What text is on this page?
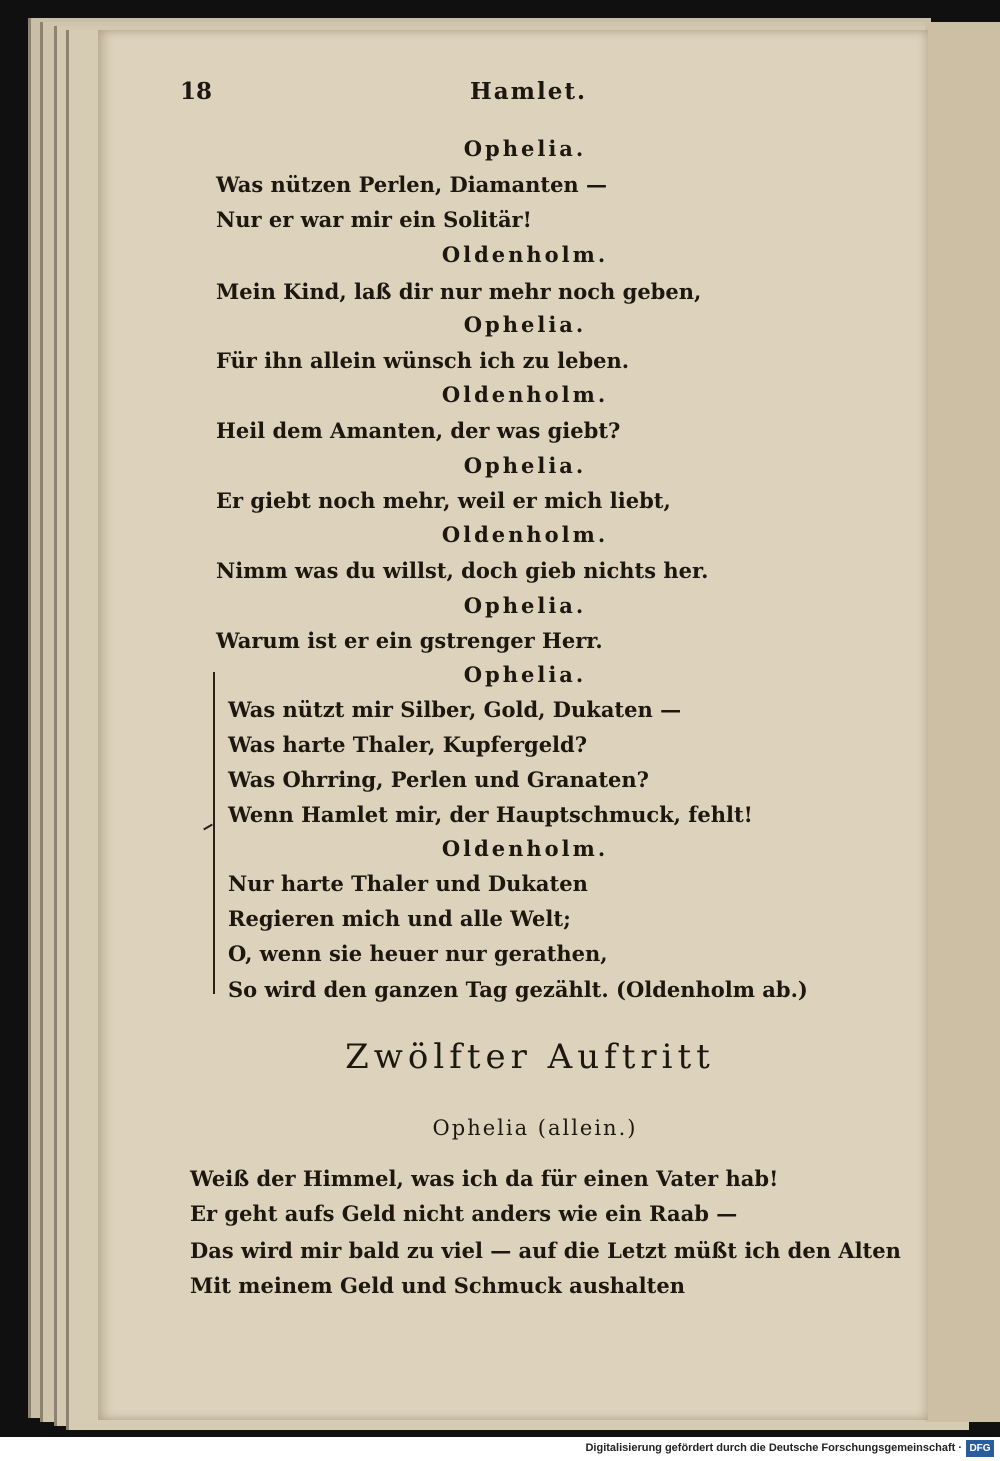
18	Hamlet.
Ophelia.
Was nützen Perlen, Diamanten —
Nur er war mir ein Solitär!
Oldenholm.
Mein Kind, laß dir nur mehr noch geben,
Ophelia.
Für ihn allein wünsch ich zu leben.
Oldenholm.
Heil dem Amanten, der was giebt?
Ophelia.
Er giebt noch mehr, weil er mich liebt,
Oldenholm.
Nimm was du willst, doch gieb nichts her.
Ophelia.
Warum ist er ein gstrenger Herr.
Ophelia.
Was nützt mir Silber, Gold, Dukaten —
Was harte Thaler, Kupfergeld?
Was Ohrring, Perlen und Granaten?
Wenn Hamlet mir, der Hauptschmuck, fehlt!
Oldenholm.
Nur harte Thaler und Dukaten
Regieren mich und alle Welt;
O, wenn sie heuer nur gerathen,
So wird den ganzen Tag gezählt. (Oldenholm ab.)
Zwölfter Auftritt
Ophelia (allein.)
Weiß der Himmel, was ich da für einen Vater hab!
Er geht aufs Geld nicht anders wie ein Raab —
Das wird mir bald zu viel — auf die Letzt müßt ich den Alten
Mit meinem Geld und Schmuck aushalten
Digitalisierung gefördert durch die Deutsche Forschungsgemeinschaft · DFG
